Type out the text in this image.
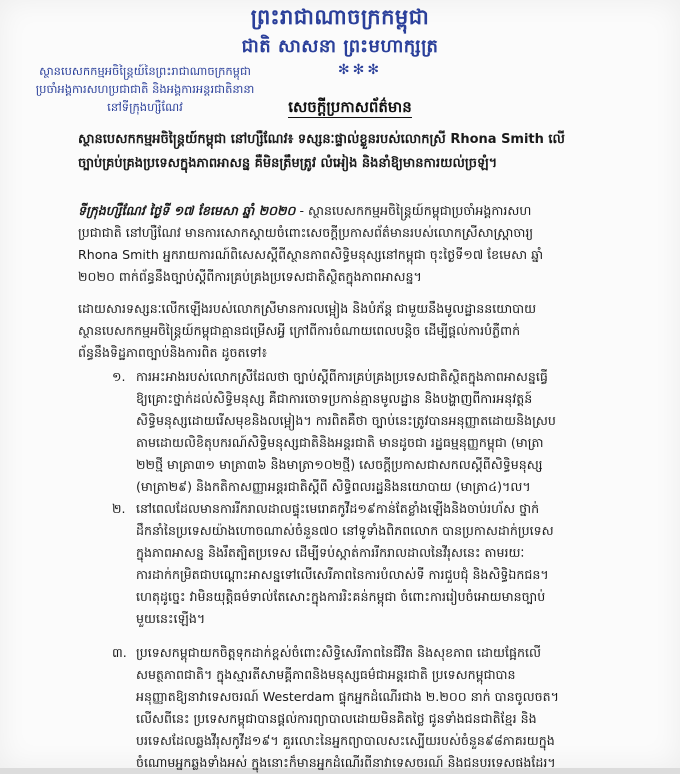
ព្រះរាជាណាចក្រកម្ពុជា
ជាតិ សាសនា ព្រះមហាក្សត្រ
✻✻✻
ស្ថានបេសកកម្មអចិន្ត្រៃយ៍នៃព្រះរាជាណាចក្រកម្ពុជា
ប្រចាំអង្គការសហប្រជាជាតិ និងអង្គការអន្តរជាតិនានា
នៅទីក្រុងហ្សឺណែវ	សេចក្តីប្រកាសព័ត៌មាន
ស្ថានបេសកកម្មអចិន្ត្រៃយ៍កម្ពុជា នៅហ្សឺណែវ៖ ទស្សនៈផ្ទាល់ខ្លួនរបស់លោកស្រី Rhona Smith លើ
ច្បាប់គ្រប់គ្រងប្រទេសក្នុងភាពអាសន្ន គឺមិនត្រឹមត្រូវ លំអៀង និងនាំឱ្យមានការយល់ច្រឡំ។
ទីក្រុងហ្សឺណែវ ថ្ងៃទី ១៧ ខែមេសា ឆ្នាំ ២០២០ - ស្ថានបេសកកម្មអចិន្ត្រៃយ៍កម្ពុជាប្រចាំអង្គការសហ
ប្រជាជាតិ នៅហ្សឺណែវ មានការសោកស្តាយចំពោះសេចក្តីប្រកាសព័ត៌មានរបស់លោកស្រីសាស្ត្រាចារ្យ
Rhona Smith អ្នករាយការណ៍ពិសេសស្តីពីស្ថានភាពសិទ្ធិមនុស្សនៅកម្ពុជា ចុះថ្ងៃទី១៧ ខែមេសា ឆ្នាំ
២០២០ ពាក់ព័ន្ធនឹងច្បាប់ស្តីពីការគ្រប់គ្រងប្រទេសជាតិស្ថិតក្នុងភាពអាសន្ន។
ដោយសារទស្សនៈលើកឡើងរបស់លោកស្រីមានការលម្អៀង និងបំភ័ន្ត ជាមួយនឹងមូលដ្ឋាននយោបាយ
ស្ថានបេសកកម្មអចិន្ត្រៃយ៍កម្ពុជាគ្មានជម្រើសអ្វី ក្រៅពីការចំណាយពេលបន្តិច ដើម្បីផ្តល់ការបំភ្លឺពាក់
ព័ន្ធនឹងទិដ្ឋភាពច្បាប់និងការពិត ដូចតទៅ៖
១. ការអះអាងរបស់លោកស្រីដែលថា ច្បាប់ស្តីពីការគ្រប់គ្រងប្រទេសជាតិស្ថិតក្នុងភាពអាសន្នធ្វើ
ឱ្យគ្រោះថ្នាក់ដល់សិទ្ធិមនុស្ស គឺជាការចោទប្រកាន់គ្មានមូលដ្ឋាន និងបង្ហាញពីការអនុវត្តន៍
សិទ្ធិមនុស្សដោយរើសមុខនិងលម្អៀង។ ការពិតគឺថា ច្បាប់នេះត្រូវបានអនុញ្ញាតដោយនិងស្រប
តាមដោយលិខិតុបករណ៍សិទ្ធិមនុស្សជាតិនិងអន្តរជាតិ មានដូចជា រដ្ឋធម្មនុញ្ញកម្ពុជា (មាត្រា
២២ថ្មី មាត្រា៣១ មាត្រា៣៦ និងមាត្រា១០២ថ្មី) សេចក្តីប្រកាសជាសកលស្តីពីសិទ្ធិមនុស្ស
(មាត្រា២៩) និងកតិកាសញ្ញាអន្តរជាតិស្តីពី សិទ្ធិពលរដ្ឋនិងនយោបាយ (មាត្រា៤)។ល។
២. នៅពេលដែលមានការរីករាលដាលផ្ទុះមេរោគកូវីដ១៩កាន់តែខ្លាំងឡើងនិងចាប់រហ័ស ថ្នាក់
ដឹកនាំនៃប្រទេសយ៉ាងហោចណាស់ចំនួន៧០ នៅទូទាំងពិភពលោក បានប្រកាសដាក់ប្រទេស
ក្នុងភាពអាសន្ន និងរឹតត្បិតប្រទេស ដើម្បីទប់ស្កាត់ការរីករាលដាលនៃវីរុសនេះ តាមរយៈ
ការដាក់កម្រិតជាបណ្តោះអាសន្នទៅលើសេរីភាពនៃការបំលាស់ទី ការជួបជុំ និងសិទ្ធិឯកជន។
ហេតុដូច្នេះ វាមិនយុត្តិធម៌ទាល់តែសោះក្នុងការរិះគន់កម្ពុជា ចំពោះការរៀបចំអោយមានច្បាប់
មួយនេះឡើង។
៣. ប្រទេសកម្ពុជាយកចិត្តទុកដាក់ខ្ពស់ចំពោះសិទ្ធិសេរីភាពនៃជីវិត និងសុខភាព ដោយផ្អែកលើ
សមត្ថភាពជាតិ។ ក្នុងស្មារតីសាមគ្គីភាពនិងមនុស្សធម៌ជាអន្តរជាតិ ប្រទេសកម្ពុជាបាន
អនុញ្ញាតឱ្យនាវាទេសចរណ៍ Westerdam ផ្ទុកអ្នកដំណើរជាង ២.២០០ នាក់ បានចូលចត។
លើសពីនេះ ប្រទេសកម្ពុជាបានផ្តល់ការព្យាបាលដោយមិនគិតថ្លៃ ជូនទាំងជនជាតិខ្មែរ និង
បរទេសដែលឆ្លងវីរុសកូវីដ១៩។ គួរលោះនៃអ្នកព្យាបាលសះស្បើយរបស់ចំនួន៩៨ភាគរយក្នុង
ចំណោមអ្នកឆ្លងទាំងអស់ ក្នុងនោះក៏មានអ្នកដំណើរពីនាវាទេសចរណ៍ និងជនបរទេសផងដែរ។
